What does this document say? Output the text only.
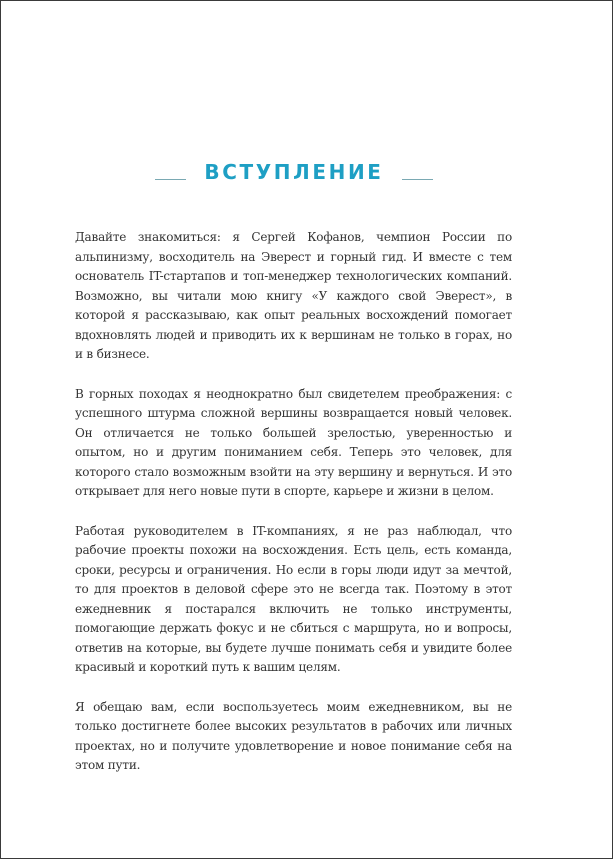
ВСТУПЛЕНИЕ

Давайте знакомиться: я Сергей Кофанов, чемпион России по альпинизму, восходитель на Эверест и горный гид. И вместе с тем основатель IT-стартапов и топ-менеджер технологических компаний. Возможно, вы читали мою книгу «У каждого свой Эверест», в которой я рассказываю, как опыт реальных восхождений помогает вдохновлять людей и приводить их к вершинам не только в горах, но и в бизнесе.

В горных походах я неоднократно был свидетелем преображения: с успешного штурма сложной вершины возвращается новый человек. Он отличается не только большей зрелостью, уверенностью и опытом, но и другим пониманием себя. Теперь это человек, для которого стало возможным взойти на эту вершину и вернуться. И это открывает для него новые пути в спорте, карьере и жизни в целом.

Работая руководителем в IT-компаниях, я не раз наблюдал, что рабочие проекты похожи на восхождения. Есть цель, есть команда, сроки, ресурсы и ограничения. Но если в горы люди идут за мечтой, то для проектов в деловой сфере это не всегда так. Поэтому в этот ежедневник я постарался включить не только инструменты, помогающие держать фокус и не сбиться с маршрута, но и вопросы, ответив на которые, вы будете лучше понимать себя и увидите более красивый и короткий путь к вашим целям.

Я обещаю вам, если воспользуетесь моим ежедневником, вы не только достигнете более высоких результатов в рабочих или личных проектах, но и получите удовлетворение и новое понимание себя на этом пути.
